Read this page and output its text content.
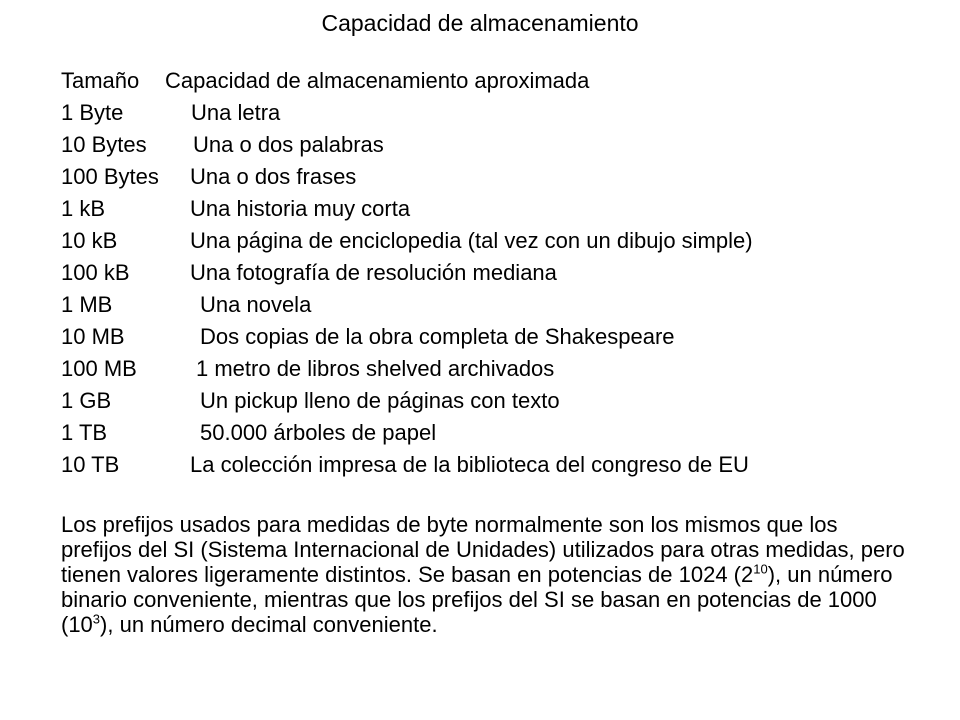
Capacidad de almacenamiento
Tamaño Capacidad de almacenamiento aproximada
1 Byte	Una letra
10 Bytes Una o dos palabras
100 Bytes Una o dos frases
1 kB	Una historia muy corta
10 kB	Una página de enciclopedia (tal vez con un dibujo simple)
100 kB	Una fotografía de resolución mediana
1 MB	Una novela
10 MB	Dos copias de la obra completa de Shakespeare
100 MB	1 metro de libros shelved archivados
1 GB	Un pickup lleno de páginas con texto
1 TB	50.000 árboles de papel
10 TB	La colección impresa de la biblioteca del congreso de EU
Los prefijos usados para medidas de byte normalmente son los mismos que los prefijos del SI (Sistema Internacional de Unidades) utilizados para otras medidas, pero tienen valores ligeramente distintos. Se basan en potencias de 1024 $(2^{10})$, un número binario conveniente, mientras que los prefijos del SI se basan en potencias de 1000 $(10^3)$, un número decimal conveniente.
